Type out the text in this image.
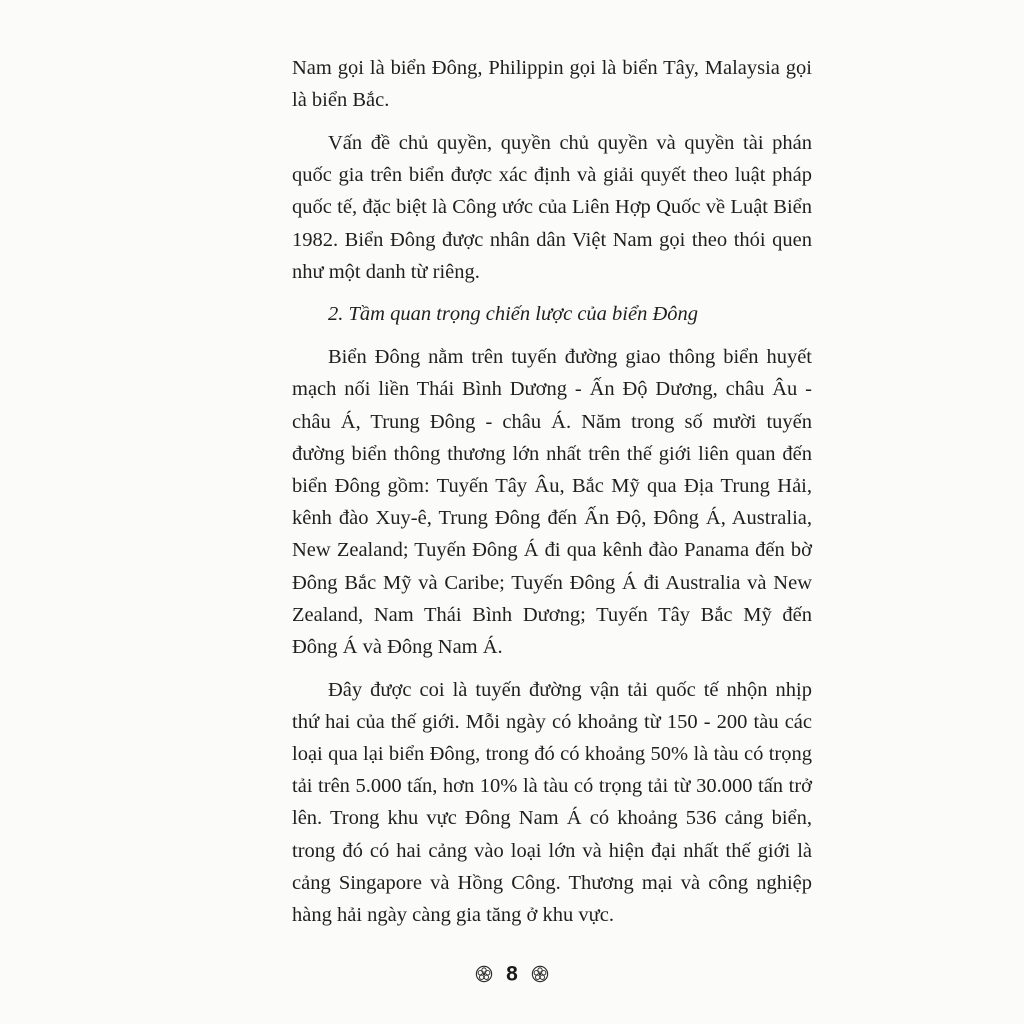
Nam gọi là biển Đông, Philippin gọi là biển Tây, Malaysia gọi là biển Bắc.

Vấn đề chủ quyền, quyền chủ quyền và quyền tài phán quốc gia trên biển được xác định và giải quyết theo luật pháp quốc tế, đặc biệt là Công ước của Liên Hợp Quốc về Luật Biển 1982. Biển Đông được nhân dân Việt Nam gọi theo thói quen như một danh từ riêng.

2. Tầm quan trọng chiến lược của biển Đông

Biển Đông nằm trên tuyến đường giao thông biển huyết mạch nối liền Thái Bình Dương - Ấn Độ Dương, châu Âu - châu Á, Trung Đông - châu Á. Năm trong số mười tuyến đường biển thông thương lớn nhất trên thế giới liên quan đến biển Đông gồm: Tuyến Tây Âu, Bắc Mỹ qua Địa Trung Hải, kênh đào Xuy-ê, Trung Đông đến Ấn Độ, Đông Á, Australia, New Zealand; Tuyến Đông Á đi qua kênh đào Panama đến bờ Đông Bắc Mỹ và Caribe; Tuyến Đông Á đi Australia và New Zealand, Nam Thái Bình Dương; Tuyến Tây Bắc Mỹ đến Đông Á và Đông Nam Á.

Đây được coi là tuyến đường vận tải quốc tế nhộn nhịp thứ hai của thế giới. Mỗi ngày có khoảng từ 150 - 200 tàu các loại qua lại biển Đông, trong đó có khoảng 50% là tàu có trọng tải trên 5.000 tấn, hơn 10% là tàu có trọng tải từ 30.000 tấn trở lên. Trong khu vực Đông Nam Á có khoảng 536 cảng biển, trong đó có hai cảng vào loại lớn và hiện đại nhất thế giới là cảng Singapore và Hồng Công. Thương mại và công nghiệp hàng hải ngày càng gia tăng ở khu vực.

8
